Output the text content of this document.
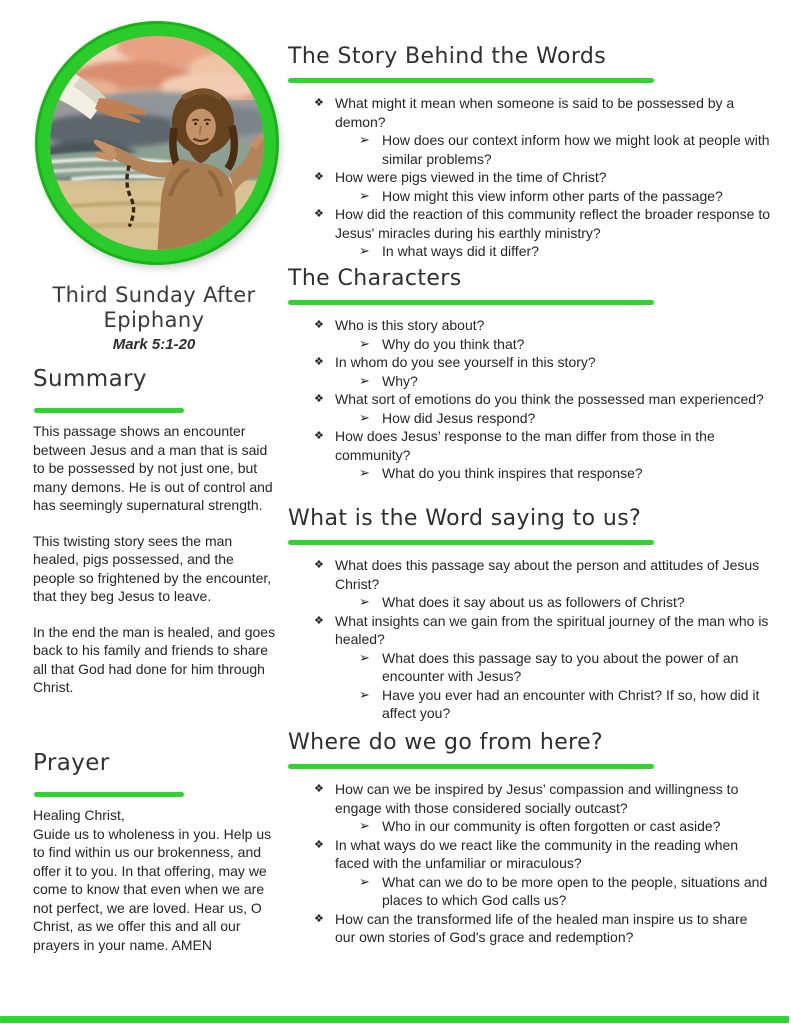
Third Sunday After
Epiphany
Mark 5:1-20
Summary

This passage shows an encounter between Jesus and a man that is said to be possessed by not just one, but many demons. He is out of control and has seemingly supernatural strength.

This twisting story sees the man healed, pigs possessed, and the people so frightened by the encounter, that they beg Jesus to leave.

In the end the man is healed, and goes back to his family and friends to share all that God had done for him through Christ.

Prayer
Healing Christ,
Guide us to wholeness in you. Help us to find within us our brokenness, and offer it to you. In that offering, may we come to know that even when we are not perfect, we are loved. Hear us, O Christ, as we offer this and all our prayers in your name. AMEN
The Story Behind the Words
❖ What might it mean when someone is said to be possessed by a demon?
➢ How does our context inform how we might look at people with similar problems?
❖ How were pigs viewed in the time of Christ?
➢ How might this view inform other parts of the passage?
❖ How did the reaction of this community reflect the broader response to Jesus' miracles during his earthly ministry?
➢ In what ways did it differ?
The Characters
❖ Who is this story about?
➢ Why do you think that?
❖ In whom do you see yourself in this story?
➢ Why?
❖ What sort of emotions do you think the possessed man experienced?
➢ How did Jesus respond?
❖ How does Jesus’ response to the man differ from those in the community?
➢ What do you think inspires that response?
What is the Word saying to us?
❖ What does this passage say about the person and attitudes of Jesus Christ?
➢ What does it say about us as followers of Christ?
❖ What insights can we gain from the spiritual journey of the man who is healed?
➢ What does this passage say to you about the power of an encounter with Jesus?
➢ Have you ever had an encounter with Christ? If so, how did it affect you?
Where do we go from here?
❖ How can we be inspired by Jesus’ compassion and willingness to engage with those considered socially outcast?
➢ Who in our community is often forgotten or cast aside?
❖ In what ways do we react like the community in the reading when faced with the unfamiliar or miraculous?
➢ What can we do to be more open to the people, situations and places to which God calls us?
❖ How can the transformed life of the healed man inspire us to share our own stories of God's grace and redemption?
